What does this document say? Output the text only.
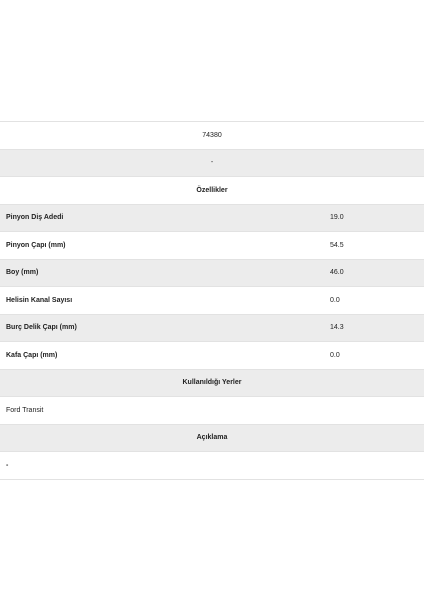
74380
-
Özellikler
Pinyon Diş Adedi	19.0
Pinyon Çapı (mm)	54.5
Boy (mm)	46.0
Helisin Kanal Sayısı	0.0
Burç Delik Çapı (mm)	14.3
Kafa Çapı (mm)	0.0
Kullanıldığı Yerler
Ford Transit
Açıklama
-
